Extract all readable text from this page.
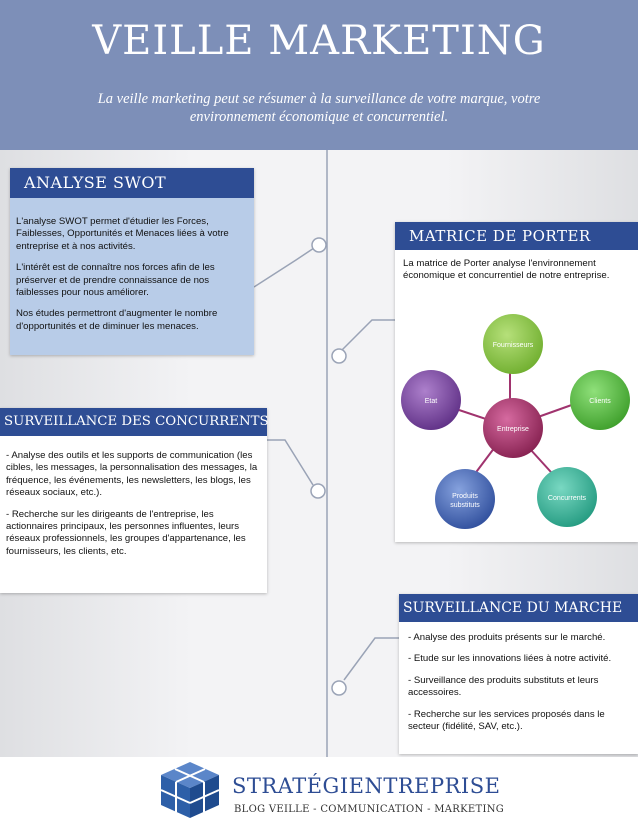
VEILLE MARKETING
La veille marketing peut se résumer à la surveillance de votre marque, votre environnement économique et concurrentiel.
ANALYSE SWOT

L'analyse SWOT permet d'étudier les Forces, Faiblesses, Opportunités et Menaces liées à votre entreprise et à nos activités.

L'intérêt est de connaître nos forces afin de les préserver et de prendre connaissance de nos faiblesses pour nous améliorer.

Nos études permettront d'augmenter le nombre d'opportunités et de diminuer les menaces.

MATRICE DE PORTER
La matrice de Porter analyse l'environnement économique et concurrentiel de notre entreprise.
Fournisseurs
Clients
Concurrents
Produits
substituts
Etat
Entreprise
SURVEILLANCE DES CONCURRENTS

- Analyse des outils et les supports de communication (les cibles, les messages, la personnalisation des messages, la fréquence, les événements, les newsletters, les blogs, les réseaux sociaux, etc.).

- Recherche sur les dirigeants de l'entreprise, les actionnaires principaux, les personnes influentes, leurs réseaux professionnels, les groupes d'appartenance, les fournisseurs, les clients, etc.

SURVEILLANCE DU MARCHE

- Analyse des produits présents sur le marché.

- Etude sur les innovations liées à notre activité.

- Surveillance des produits substituts et leurs accessoires.

- Recherche sur les services proposés dans le secteur (fidélité, SAV, etc.).

STRATÉGIENTREPRISE
BLOG VEILLE - COMMUNICATION - MARKETING
